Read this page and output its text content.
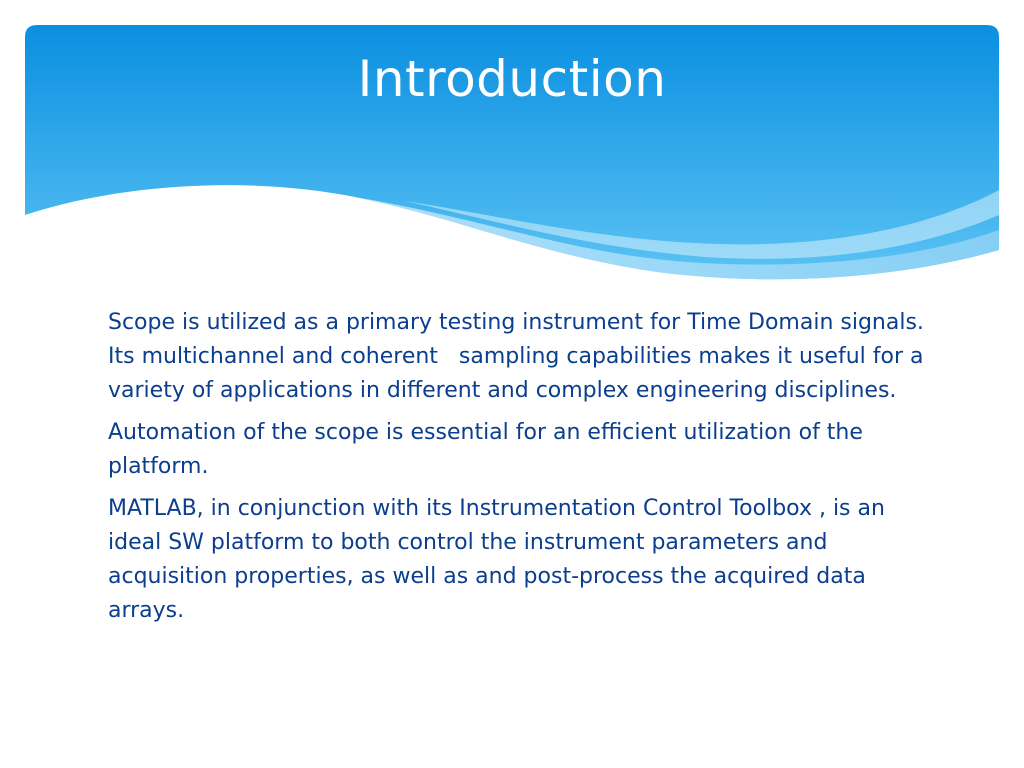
Introduction

Scope is utilized as a primary testing instrument for Time Domain signals. Its multichannel and coherent   sampling capabilities makes it useful for a variety of applications in different and complex engineering disciplines.

Automation of the scope is essential for an efficient utilization of the platform.

MATLAB, in conjunction with its Instrumentation Control Toolbox , is an ideal SW platform to both control the instrument parameters and acquisition properties, as well as and post-process the acquired data arrays.
